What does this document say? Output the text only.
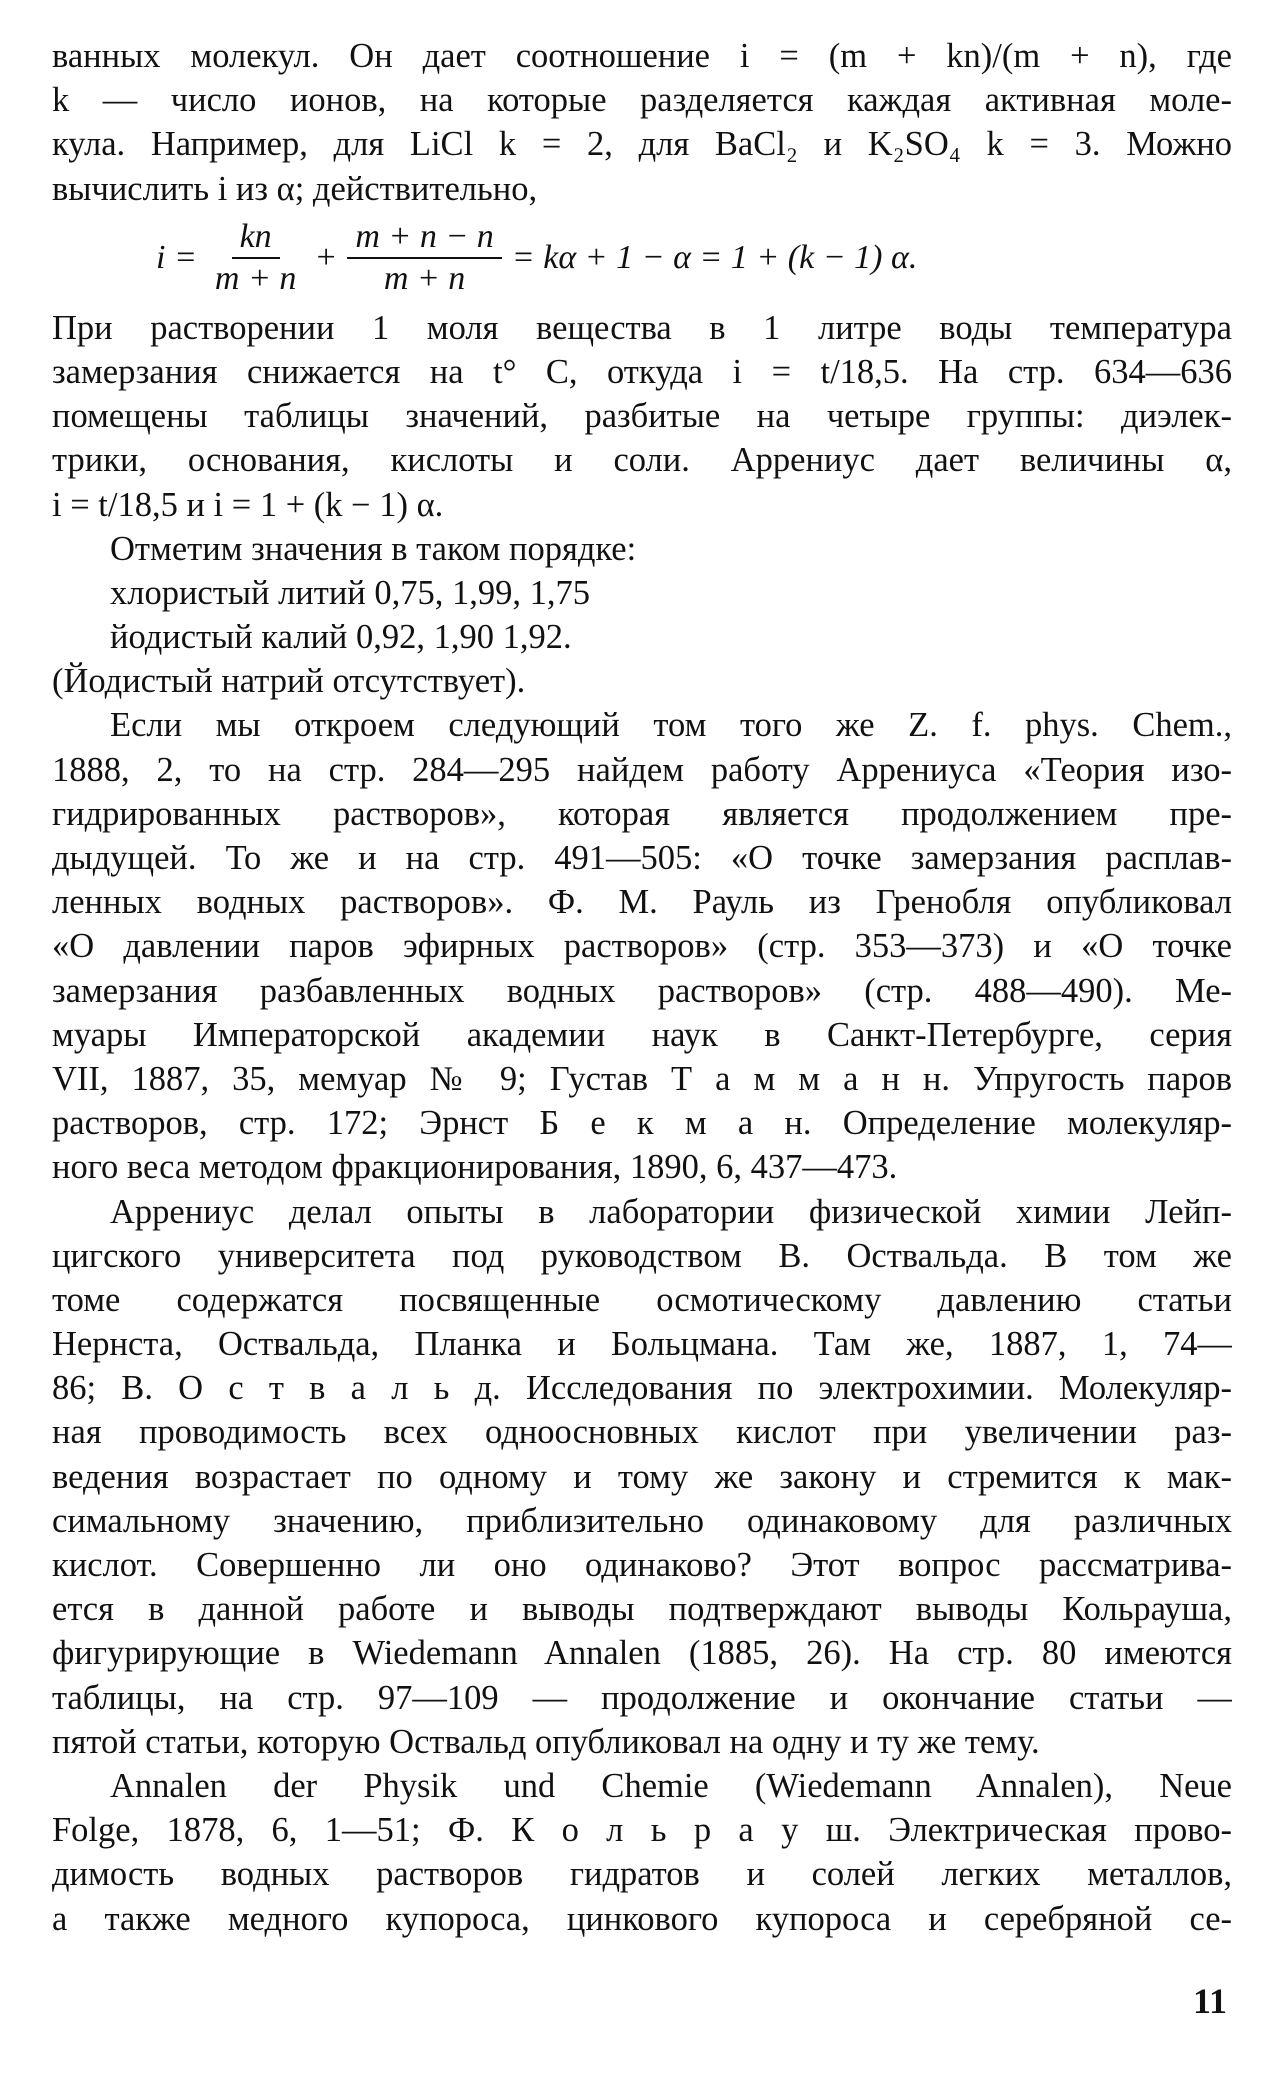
ванных молекул. Он дает соотношение i = (m + kn)/(m + n), где
k — число ионов, на которые разделяется каждая активная моле-
кула. Например, для LiCl k = 2, для BaCl₂ и K₂SO₄ k = 3. Можно
вычислить i из α; действительно,
$i = \frac{kn}{m + n} + \frac{m + n - n}{m + n} = k\alpha + 1 - \alpha = 1 + (k - 1)$ α.
При растворении 1 моля вещества в 1 литре воды температура
замерзания снижается на t° С, откуда i = t/18,5. На стр. 634—636
помещены таблицы значений, разбитые на четыре группы: диэлек-
трики, основания, кислоты и соли. Аррениус дает величины α,
i = t/18,5 и i = 1 + (k − 1) α.
Отметим значения в таком порядке:
хлористый литий 0,75, 1,99, 1,75
йодистый калий 0,92, 1,90 1,92.
(Йодистый натрий отсутствует).
Если мы откроем следующий том того же Z. f. phys. Chem.,
1888, 2, то на стр. 284—295 найдем работу Аррениуса «Теория изо-
гидрированных растворов», которая является продолжением пре-
дыдущей. То же и на стр. 491—505: «О точке замерзания расплав-
ленных водных растворов». Ф. М. Рауль из Гренобля опубликовал
«О давлении паров эфирных растворов» (стр. 353—373) и «О точке
замерзания разбавленных водных растворов» (стр. 488—490). Ме-
муары Императорской академии наук в Санкт-Петербурге, серия
VII, 1887, 35, мемуар № 9; Густав Т а м м а н н. Упругость паров
растворов, стр. 172; Эрнст Б е к м а н. Определение молекуляр-
ного веса методом фракционирования, 1890, 6, 437—473.
Аррениус делал опыты в лаборатории физической химии Лейп-
цигского университета под руководством В. Оствальда. В том же
томе содержатся посвященные осмотическому давлению статьи
Нернста, Оствальда, Планка и Больцмана. Там же, 1887, 1, 74—
86; В. О с т в а л ь д. Исследования по электрохимии. Молекуляр-
ная проводимость всех одноосновных кислот при увеличении раз-
ведения возрастает по одному и тому же закону и стремится к мак-
симальному значению, приблизительно одинаковому для различных
кислот. Совершенно ли оно одинаково? Этот вопрос рассматрива-
ется в данной работе и выводы подтверждают выводы Кольрауша,
фигурирующие в Wiedemann Annalen (1885, 26). На стр. 80 имеются
таблицы, на стр. 97—109 — продолжение и окончание статьи —
пятой статьи, которую Оствальд опубликовал на одну и ту же тему.
Annalen der Physik und Chemie (Wiedemann Annalen), Neue
Folge, 1878, 6, 1—51; Ф. К о л ь р а у ш. Электрическая прово-
димость водных растворов гидратов и солей легких металлов,
а также медного купороса, цинкового купороса и серебряной се-
11
